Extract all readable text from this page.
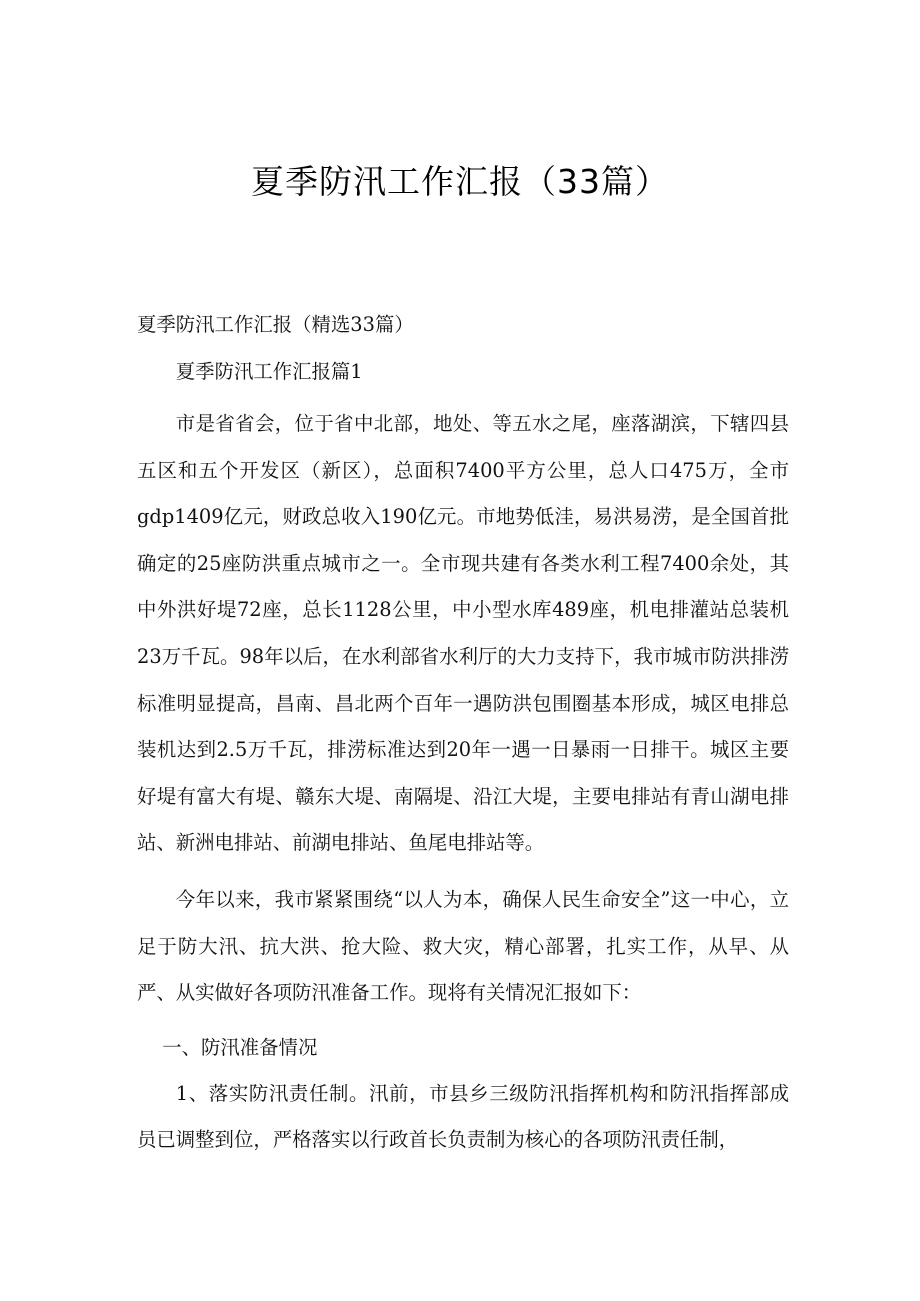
夏季防汛工作汇报（33篇）

夏季防汛工作汇报（精选33篇）

夏季防汛工作汇报篇1

市是省省会，位于省中北部，地处、等五水之尾，座落湖滨，下辖四县五区和五个开发区（新区），总面积7400平方公里，总人口475万，全市gdp1409亿元，财政总收入190亿元。市地势低洼，易洪易涝，是全国首批确定的25座防洪重点城市之一。全市现共建有各类水利工程7400余处，其中外洪好堤72座，总长1128公里，中小型水库489座，机电排灌站总装机23万千瓦。98年以后，在水利部省水利厅的大力支持下，我市城市防洪排涝标准明显提高，昌南、昌北两个百年一遇防洪包围圈基本形成，城区电排总装机达到2.5万千瓦，排涝标准达到20年一遇一日暴雨一日排干。城区主要好堤有富大有堤、赣东大堤、南隔堤、沿江大堤，主要电排站有青山湖电排站、新洲电排站、前湖电排站、鱼尾电排站等。

今年以来，我市紧紧围绕“以人为本，确保人民生命安全”这一中心，立足于防大汛、抗大洪、抢大险、救大灾，精心部署，扎实工作，从早、从严、从实做好各项防汛准备工作。现将有关情况汇报如下：

一、防汛准备情况

1、落实防汛责任制。汛前，市县乡三级防汛指挥机构和防汛指挥部成员已调整到位，严格落实以行政首长负责制为核心的各项防汛责任制，
